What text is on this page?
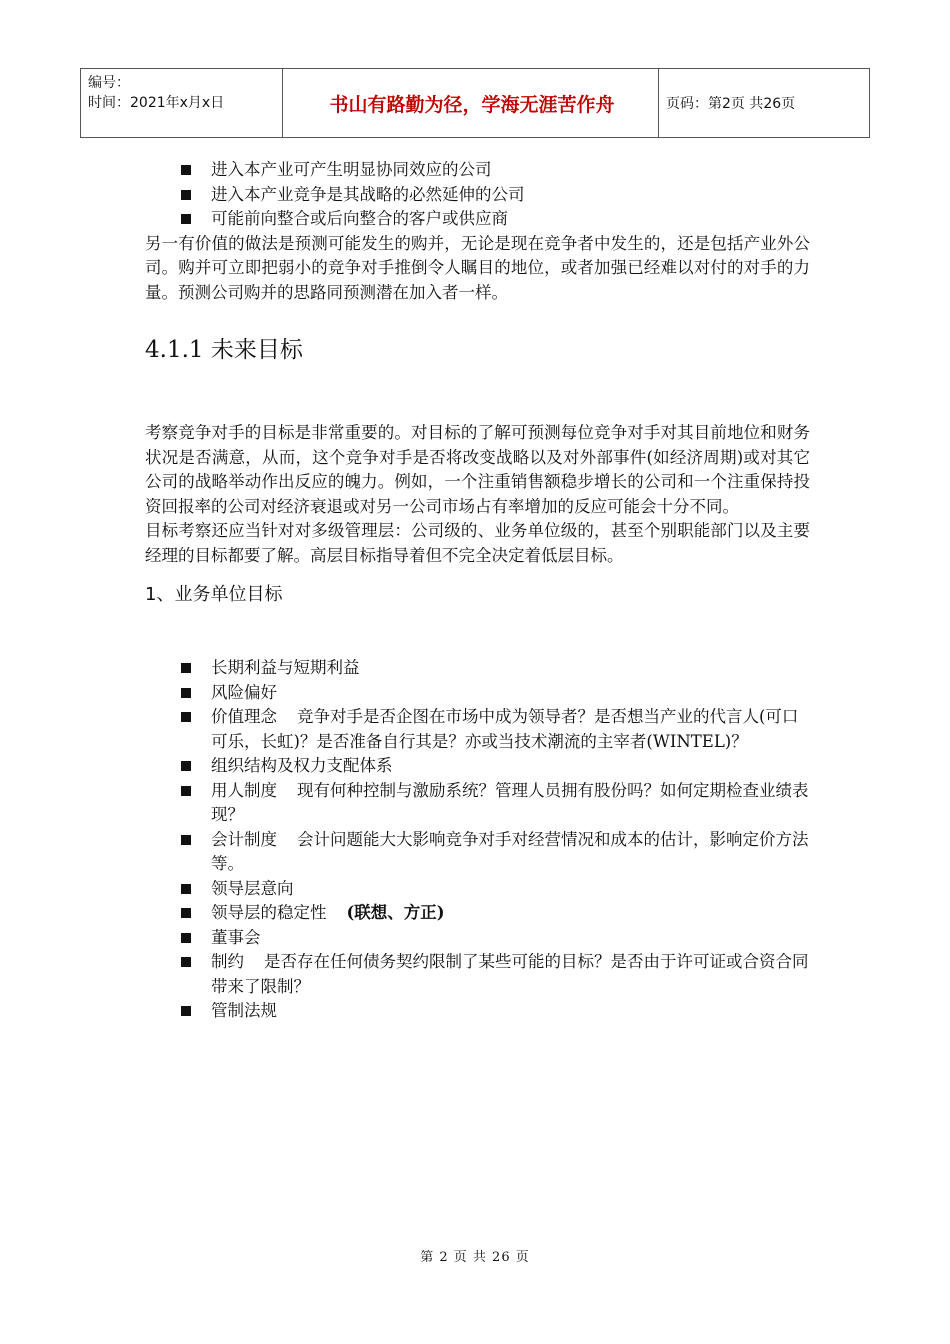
编号：
时间：2021年x月x日	书山有路勤为径，学海无涯苦作舟	页码：第2页 共26页
进入本产业可产生明显协同效应的公司
进入本产业竞争是其战略的必然延伸的公司
可能前向整合或后向整合的客户或供应商
另一有价值的做法是预测可能发生的购并，无论是现在竞争者中发生的，还是包括产业外公司。购并可立即把弱小的竞争对手推倒令人瞩目的地位，或者加强已经难以对付的对手的力量。预测公司购并的思路同预测潜在加入者一样。
4.1.1 未来目标
考察竞争对手的目标是非常重要的。对目标的了解可预测每位竞争对手对其目前地位和财务状况是否满意，从而，这个竞争对手是否将改变战略以及对外部事件(如经济周期)或对其它公司的战略举动作出反应的魄力。例如，一个注重销售额稳步增长的公司和一个注重保持投资回报率的公司对经济衰退或对另一公司市场占有率增加的反应可能会十分不同。
目标考察还应当针对对多级管理层：公司级的、业务单位级的，甚至个别职能部门以及主要经理的目标都要了解。高层目标指导着但不完全决定着低层目标。
1、业务单位目标
长期利益与短期利益
风险偏好
价值理念 竞争对手是否企图在市场中成为领导者？是否想当产业的代言人(可口可乐，长虹)？是否准备自行其是？亦或当技术潮流的主宰者(WINTEL)？
组织结构及权力支配体系
用人制度 现有何种控制与激励系统？管理人员拥有股份吗？如何定期检查业绩表现？
会计制度 会计问题能大大影响竞争对手对经营情况和成本的估计，影响定价方法等。
领导层意向
领导层的稳定性 (联想、方正)
董事会
制约 是否存在任何债务契约限制了某些可能的目标？是否由于许可证或合资合同带来了限制？
管制法规
第 2 页 共 26 页
